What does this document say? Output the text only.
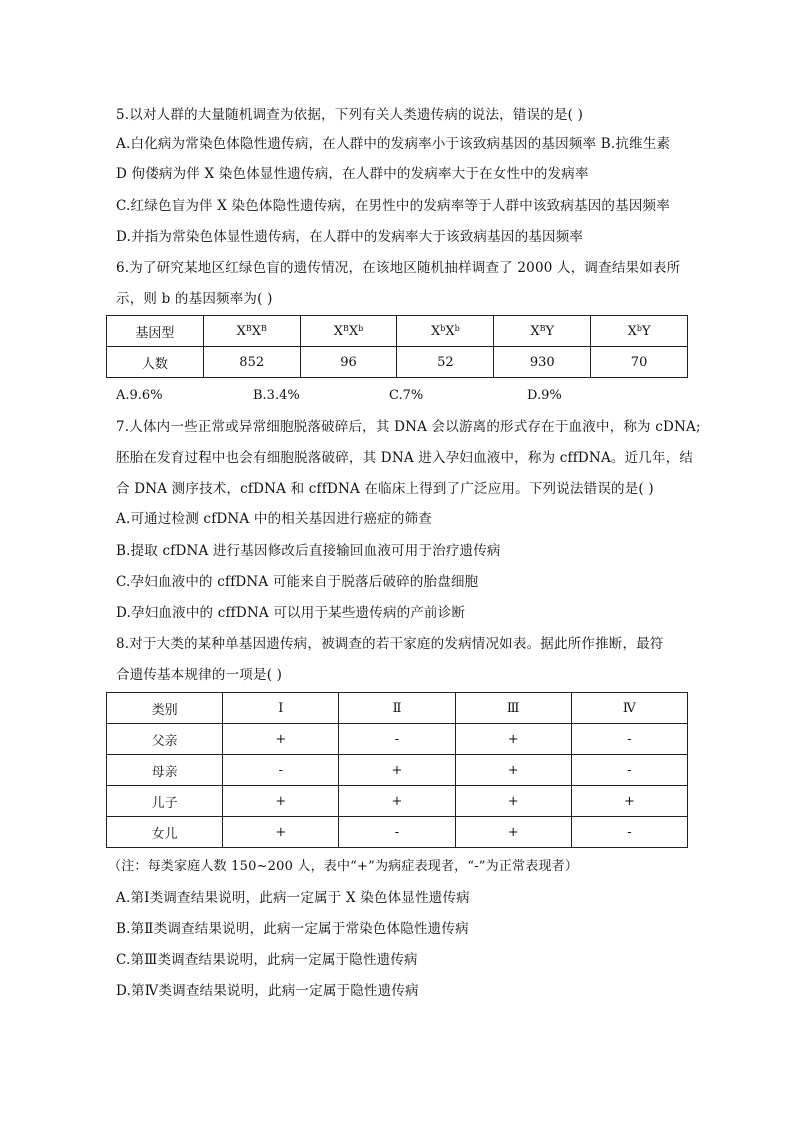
5.以对人群的大量随机调查为依据，下列有关人类遗传病的说法，错误的是( )
A.白化病为常染色体隐性遗传病，在人群中的发病率小于该致病基因的基因频率 B.抗维生素
D 佝偻病为伴 X 染色体显性遗传病，在人群中的发病率大于在女性中的发病率
C.红绿色盲为伴 X 染色体隐性遗传病，在男性中的发病率等于人群中该致病基因的基因频率
D.并指为常染色体显性遗传病，在人群中的发病率大于该致病基因的基因频率
6.为了研究某地区红绿色盲的遗传情况，在该地区随机抽样调查了 2000 人，调查结果如表所
示，则 b 的基因频率为( )
基因型	$X^BX^B$	$X^BX^b$	$X^bX^b$	$X^BY$	$X^bY$
人数	852	96	52	930	70
A.9.6%	B.3.4%	C.7%	D.9%
7.人体内一些正常或异常细胞脱落破碎后，其 DNA 会以游离的形式存在于血液中，称为 cDNA;
胚胎在发育过程中也会有细胞脱落破碎，其 DNA 进入孕妇血液中，称为 cffDNA。近几年，结
合 DNA 测序技术，cfDNA 和 cffDNA 在临床上得到了广泛应用。下列说法错误的是( )
A.可通过检测 cfDNA 中的相关基因进行癌症的筛查
B.提取 cfDNA 进行基因修改后直接输回血液可用于治疗遗传病
C.孕妇血液中的 cffDNA 可能来自于脱落后破碎的胎盘细胞
D.孕妇血液中的 cffDNA 可以用于某些遗传病的产前诊断
8.对于大类的某种单基因遗传病，被调查的若干家庭的发病情况如表。据此所作推断，最符
合遗传基本规律的一项是( )
类别	Ⅰ	Ⅱ	Ⅲ	Ⅳ
父亲	+	-	+	-
母亲	-	+	+	-
儿子	+	+	+	+
女儿	+	-	+	-
（注：每类家庭人数 150~200 人，表中“+”为病症表现者，“-”为正常表现者）
A.第Ⅰ类调查结果说明，此病一定属于 X 染色体显性遗传病
B.第Ⅱ类调查结果说明，此病一定属于常染色体隐性遗传病
C.第Ⅲ类调查结果说明，此病一定属于隐性遗传病
D.第Ⅳ类调查结果说明，此病一定属于隐性遗传病
